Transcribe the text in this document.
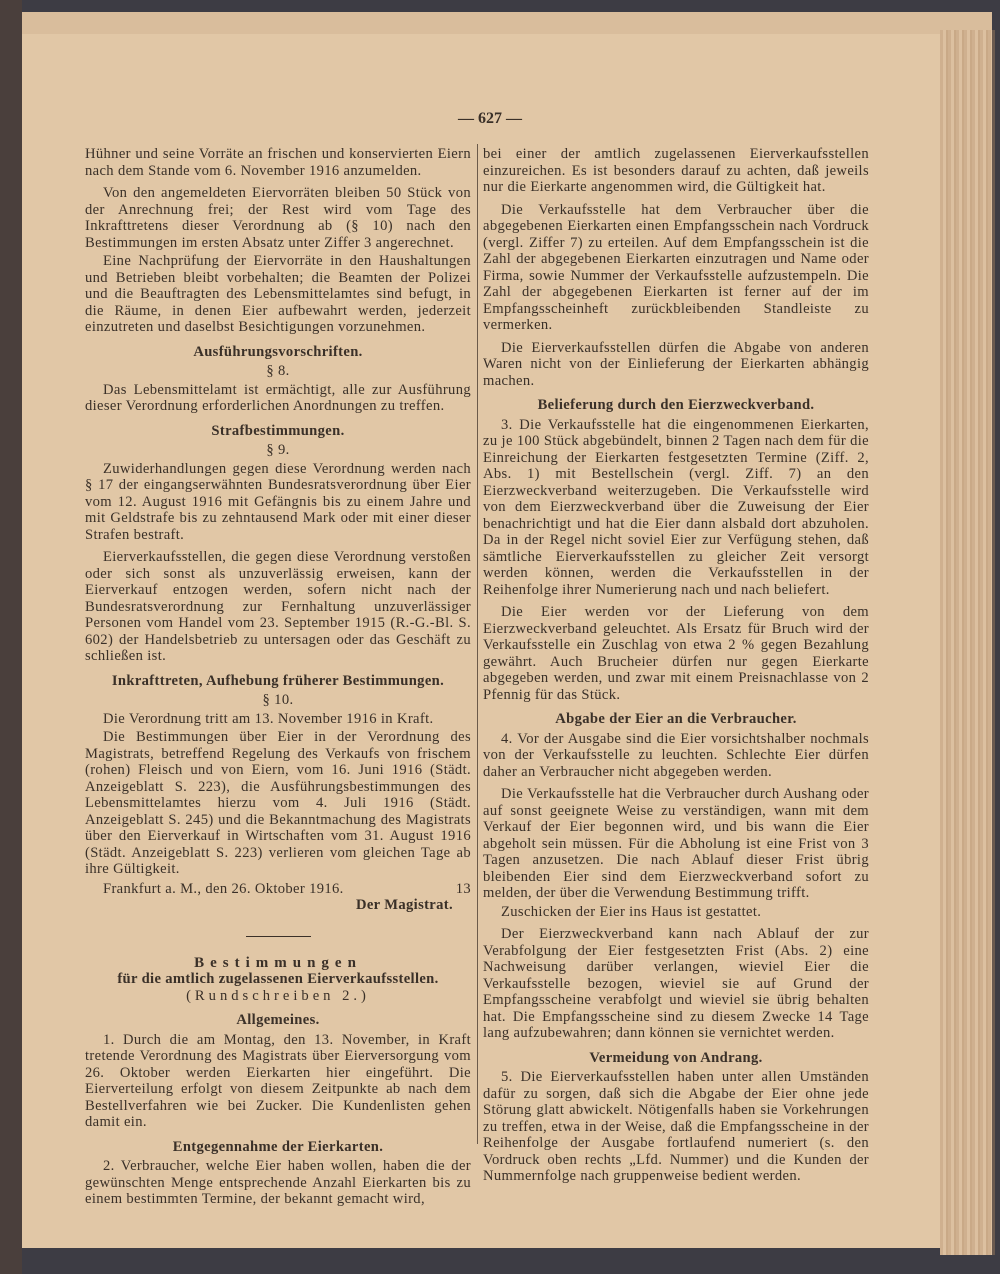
— 627 —
Hühner und seine Vorräte an frischen und konservierten Eiern nach dem Stande vom 6. November 1916 anzumelden.
Von den angemeldeten Eiervorräten bleiben 50 Stück von der Anrechnung frei; der Rest wird vom Tage des Inkrafttretens dieser Verordnung ab (§ 10) nach den Bestimmungen im ersten Absatz unter Ziffer 3 angerechnet.
Eine Nachprüfung der Eiervorräte in den Haushaltungen und Betrieben bleibt vorbehalten; die Beamten der Polizei und die Beauftragten des Lebensmittelamtes sind befugt, in die Räume, in denen Eier aufbewahrt werden, jederzeit einzutreten und daselbst Besichtigungen vorzunehmen.
Ausführungsvorschriften.
§ 8.
Das Lebensmittelamt ist ermächtigt, alle zur Ausführung dieser Verordnung erforderlichen Anordnungen zu treffen.
Strafbestimmungen.
§ 9.
Zuwiderhandlungen gegen diese Verordnung werden nach § 17 der eingangserwähnten Bundesratsverordnung über Eier vom 12. August 1916 mit Gefängnis bis zu einem Jahre und mit Geldstrafe bis zu zehntausend Mark oder mit einer dieser Strafen bestraft.
Eierverkaufsstellen, die gegen diese Verordnung verstoßen oder sich sonst als unzuverlässig erweisen, kann der Eierverkauf entzogen werden, sofern nicht nach der Bundesratsverordnung zur Fernhaltung unzuverlässiger Personen vom Handel vom 23. September 1915 (R.-G.-Bl. S. 602) der Handelsbetrieb zu untersagen oder das Geschäft zu schließen ist.
Inkrafttreten, Aufhebung früherer Bestimmungen.
§ 10.
Die Verordnung tritt am 13. November 1916 in Kraft.
Die Bestimmungen über Eier in der Verordnung des Magistrats, betreffend Regelung des Verkaufs von frischem (rohen) Fleisch und von Eiern, vom 16. Juni 1916 (Städt. Anzeigeblatt S. 223), die Ausführungsbestimmungen des Lebensmittelamtes hierzu vom 4. Juli 1916 (Städt. Anzeigeblatt S. 245) und die Bekanntmachung des Magistrats über den Eierverkauf in Wirtschaften vom 31. August 1916 (Städt. Anzeigeblatt S. 223) verlieren vom gleichen Tage ab ihre Gültigkeit.
Frankfurt a. M., den 26. Oktober 1916.	13
Der Magistrat.
Bestimmungen
für die amtlich zugelassenen Eierverkaufsstellen.
(Rundschreiben 2.)
Allgemeines.
1. Durch die am Montag, den 13. November, in Kraft tretende Verordnung des Magistrats über Eierversorgung vom 26. Oktober werden Eierkarten hier eingeführt. Die Eierverteilung erfolgt von diesem Zeitpunkte ab nach dem Bestellverfahren wie bei Zucker. Die Kundenlisten gehen damit ein.
Entgegennahme der Eierkarten.
2. Verbraucher, welche Eier haben wollen, haben die der gewünschten Menge entsprechende Anzahl Eierkarten bis zu einem bestimmten Termine, der bekannt gemacht wird,
bei einer der amtlich zugelassenen Eierverkaufsstellen einzureichen. Es ist besonders darauf zu achten, daß jeweils nur die Eierkarte angenommen wird, die Gültigkeit hat.
Die Verkaufsstelle hat dem Verbraucher über die abgegebenen Eierkarten einen Empfangsschein nach Vordruck (vergl. Ziffer 7) zu erteilen. Auf dem Empfangsschein ist die Zahl der abgegebenen Eierkarten einzutragen und Name oder Firma, sowie Nummer der Verkaufsstelle aufzustempeln. Die Zahl der abgegebenen Eierkarten ist ferner auf der im Empfangsscheinheft zurückbleibenden Standleiste zu vermerken.
Die Eierverkaufsstellen dürfen die Abgabe von anderen Waren nicht von der Einlieferung der Eierkarten abhängig machen.
Belieferung durch den Eierzweckverband.
3. Die Verkaufsstelle hat die eingenommenen Eierkarten, zu je 100 Stück abgebündelt, binnen 2 Tagen nach dem für die Einreichung der Eierkarten festgesetzten Termine (Ziff. 2, Abs. 1) mit Bestellschein (vergl. Ziff. 7) an den Eierzweckverband weiterzugeben. Die Verkaufsstelle wird von dem Eierzweckverband über die Zuweisung der Eier benachrichtigt und hat die Eier dann alsbald dort abzuholen. Da in der Regel nicht soviel Eier zur Verfügung stehen, daß sämtliche Eierverkaufsstellen zu gleicher Zeit versorgt werden können, werden die Verkaufsstellen in der Reihenfolge ihrer Numerierung nach und nach beliefert.
Die Eier werden vor der Lieferung von dem Eierzweckverband geleuchtet. Als Ersatz für Bruch wird der Verkaufsstelle ein Zuschlag von etwa 2 % gegen Bezahlung gewährt. Auch Brucheier dürfen nur gegen Eierkarte abgegeben werden, und zwar mit einem Preisnachlasse von 2 Pfennig für das Stück.
Abgabe der Eier an die Verbraucher.
4. Vor der Ausgabe sind die Eier vorsichtshalber nochmals von der Verkaufsstelle zu leuchten. Schlechte Eier dürfen daher an Verbraucher nicht abgegeben werden.
Die Verkaufsstelle hat die Verbraucher durch Aushang oder auf sonst geeignete Weise zu verständigen, wann mit dem Verkauf der Eier begonnen wird, und bis wann die Eier abgeholt sein müssen. Für die Abholung ist eine Frist von 3 Tagen anzusetzen. Die nach Ablauf dieser Frist übrig bleibenden Eier sind dem Eierzweckverband sofort zu melden, der über die Verwendung Bestimmung trifft.
Zuschicken der Eier ins Haus ist gestattet.
Der Eierzweckverband kann nach Ablauf der zur Verabfolgung der Eier festgesetzten Frist (Abs. 2) eine Nachweisung darüber verlangen, wieviel Eier die Verkaufsstelle bezogen, wieviel sie auf Grund der Empfangsscheine verabfolgt und wieviel sie übrig behalten hat. Die Empfangsscheine sind zu diesem Zwecke 14 Tage lang aufzubewahren; dann können sie vernichtet werden.
Vermeidung von Andrang.
5. Die Eierverkaufsstellen haben unter allen Umständen dafür zu sorgen, daß sich die Abgabe der Eier ohne jede Störung glatt abwickelt. Nötigenfalls haben sie Vorkehrungen zu treffen, etwa in der Weise, daß die Empfangsscheine in der Reihenfolge der Ausgabe fortlaufend numeriert (s. den Vordruck oben rechts „Lfd. Nummer) und die Kunden der Nummernfolge nach gruppenweise bedient werden.
